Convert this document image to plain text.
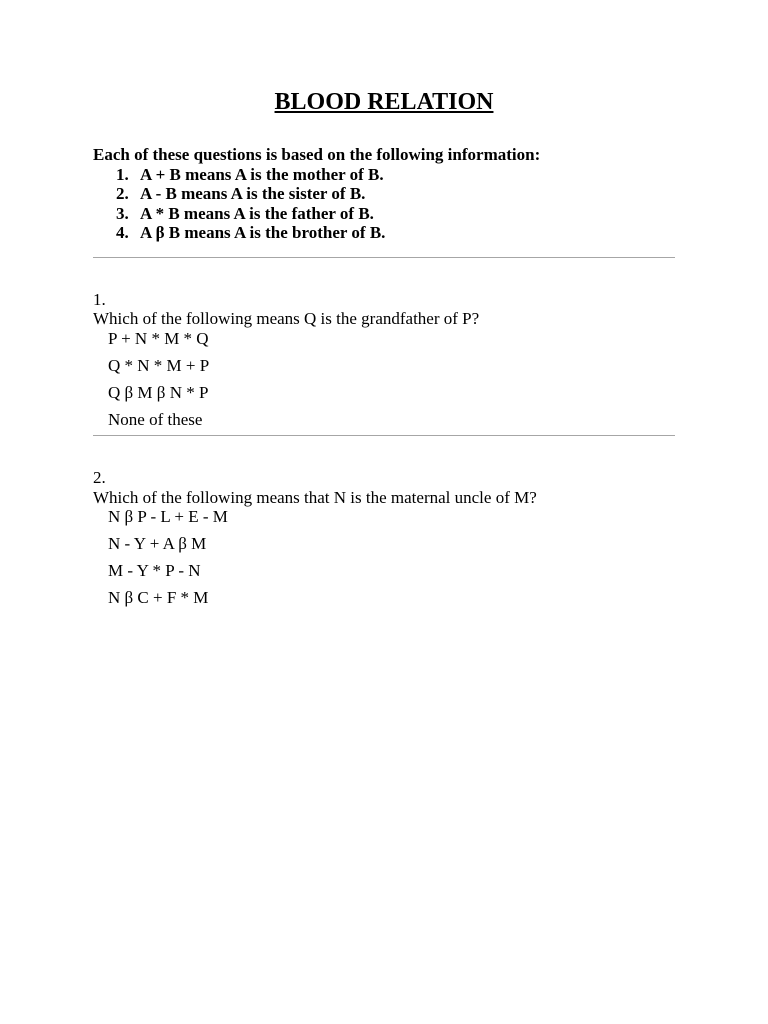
BLOOD RELATION

Each of these questions is based on the following information:

1. A + B means A is the mother of B.
2. A - B means A is the sister of B.
3. A * B means A is the father of B.
4. A β B means A is the brother of B.

1.

Which of the following means Q is the grandfather of P?

P + N * M * Q
Q * N * M + P
Q β M β N * P
None of these

2.

Which of the following means that N is the maternal uncle of M?

N β P - L + E - M
N - Y + A β M
M - Y * P - N
N β C + F * M
